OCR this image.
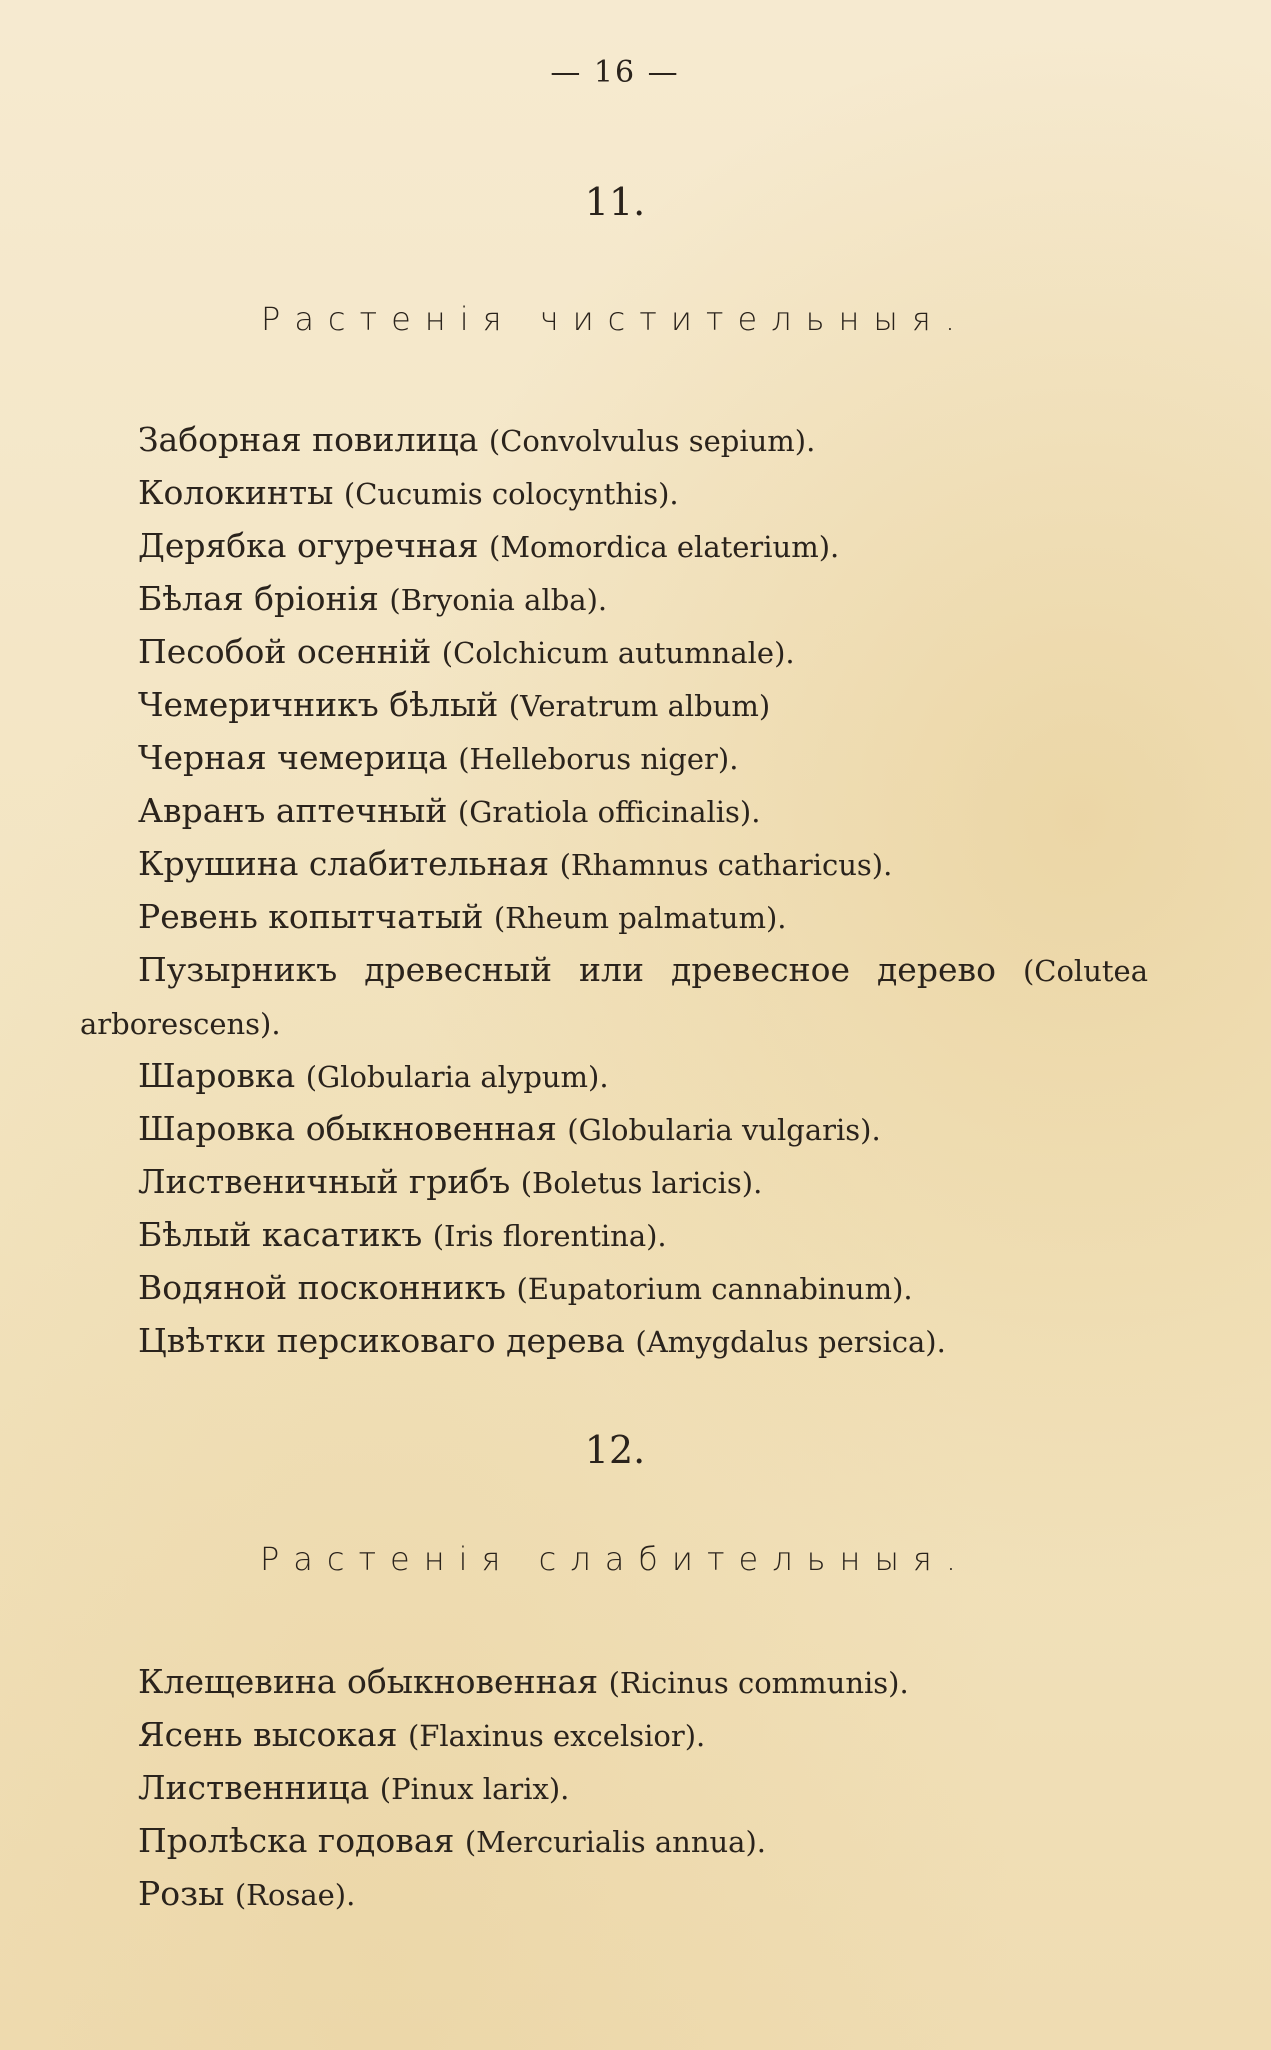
— 16 —
11.
Растенія чистительныя.
Заборная повилица (Convolvulus sepium).
Колокинты (Cucumis colocynthis).
Дерябка огуречная (Momordica elaterium).
Бѣлая бріонія (Bryonia alba).
Песобой осенній (Colchicum autumnale).
Чемеричникъ бѣлый (Veratrum album)
Черная чемерица (Helleborus niger).
Авранъ аптечный (Gratiola officinalis).
Крушина слабительная (Rhamnus catharicus).
Ревень копытчатый (Rheum palmatum).
Пузырникъ древесный или древесное дерево (Colutea
arborescens).
Шаровка (Globularia alypum).
Шаровка обыкновенная (Globularia vulgaris).
Лиственичный грибъ (Boletus laricis).
Бѣлый касатикъ (Iris florentina).
Водяной посконникъ (Eupatorium cannabinum).
Цвѣтки персиковаго дерева (Amygdalus persica).
12.
Растенія слабительныя.
Клещевина обыкновенная (Ricinus communis).
Ясень высокая (Flaxinus excelsior).
Лиственница (Pinux larix).
Пролѣска годовая (Mercurialis annua).
Розы (Rosae).
